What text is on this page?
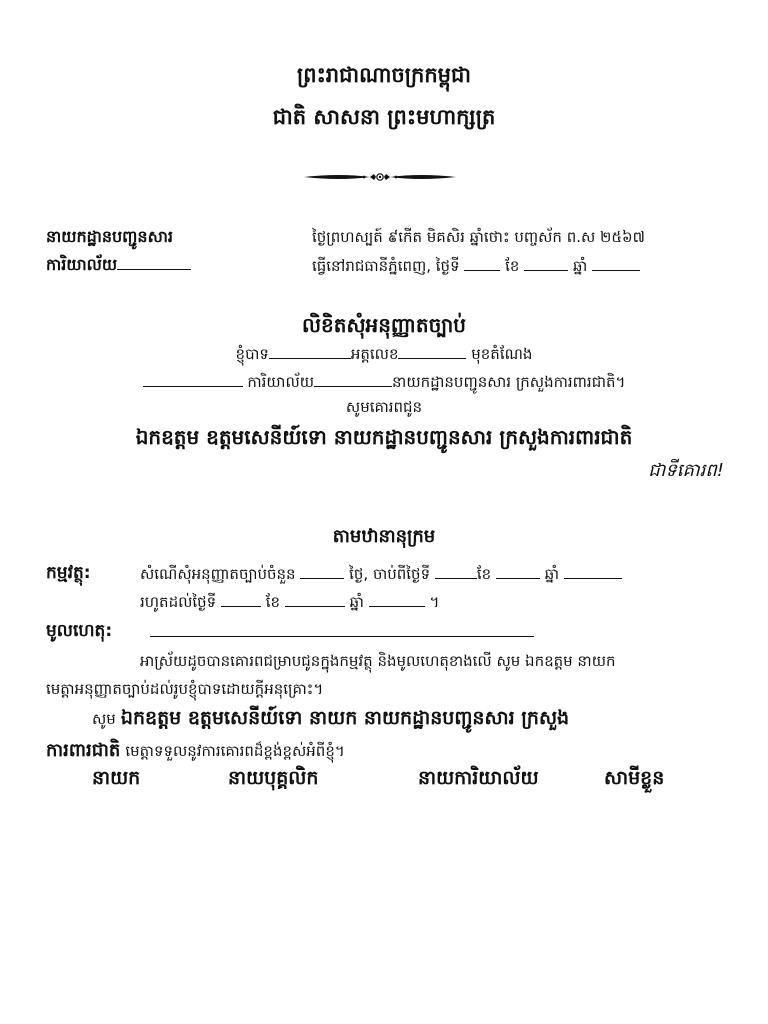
ព្រះរាជាណាចក្រកម្ពុជា
ជាតិ សាសនា ព្រះមហាក្សត្រ
នាយកដ្ឋានបញ្ជូនសារ
ការិយាល័យ
ថ្ងៃព្រហស្បត៍ ៩កើត មិគសិរ ឆ្នាំថោះ បញ្ចស័ក ព.ស ២៥៦៧
ធ្វើនៅរាជធានីភ្នំពេញ, ថ្ងៃទី	ខែ	ឆ្នាំ
លិខិតសុំអនុញ្ញាតច្បាប់
ខ្ញុំបាទ	អត្តលេខ	មុខតំណែង
ការិយាល័យ	នាយកដ្ឋានបញ្ជូនសារ ក្រសួងការពារជាតិ។
សូមគោរពជូន
ឯកឧត្តម ឧត្តមសេនីយ៍ទោ នាយកដ្ឋានបញ្ជូនសារ ក្រសួងការពារជាតិ
ជាទីគោរព!
តាមឋានានុក្រម
កម្មវត្ថុ:	សំណើសុំអនុញ្ញាតច្បាប់ចំនួន	ថ្ងៃ, ចាប់ពីថ្ងៃទី	ខែ	ឆ្នាំ
រហូតដល់ថ្ងៃទី	ខែ	ឆ្នាំ	។
មូលហេតុ:
អាស្រ័យដូចបានគោរពជម្រាបជូនក្នុងកម្មវត្ថុ និងមូលហេតុខាងលើ សូម ឯកឧត្តម នាយក
មេត្តាអនុញ្ញាតច្បាប់ដល់រូបខ្ញុំបាទដោយក្តីអនុគ្រោះ។
សូម ឯកឧត្តម ឧត្តមសេនីយ៍ទោ នាយក នាយកដ្ឋានបញ្ជូនសារ ក្រសួង
ការពារជាតិ មេត្តាទទួលនូវការគោរពដ៏ខ្ពង់ខ្ពស់អំពីខ្ញុំ។
នាយក	នាយបុគ្គលិក	នាយការិយាល័យ	សាមីខ្លួន
